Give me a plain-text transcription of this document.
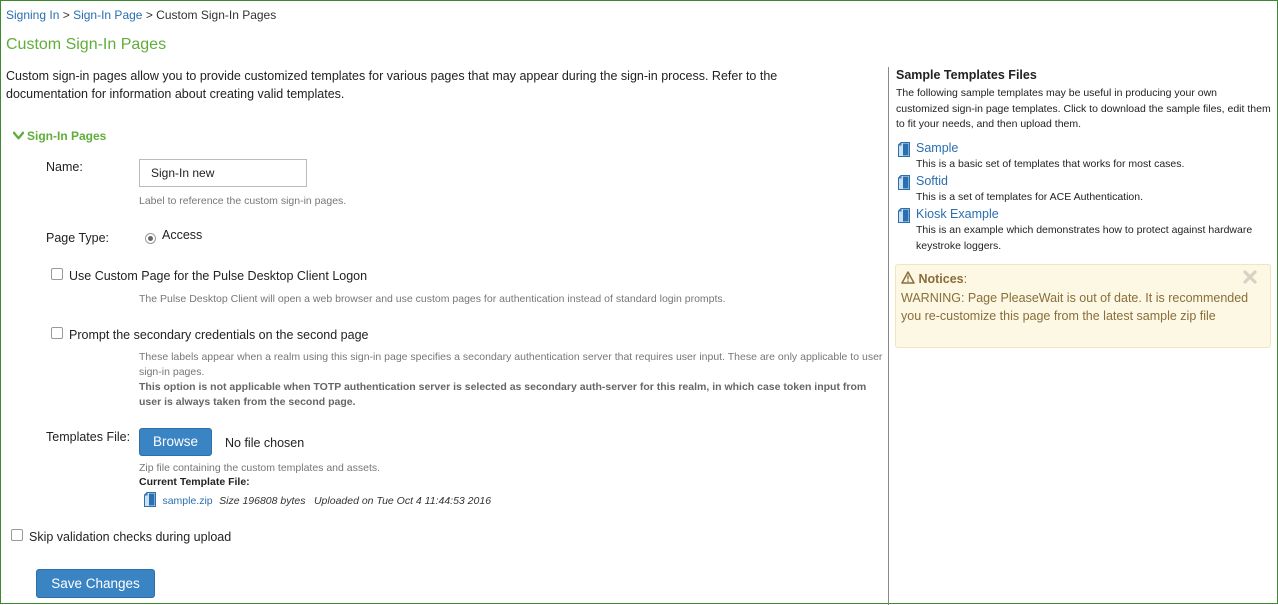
Signing In > Sign-In Page > Custom Sign-In Pages
Custom Sign-In Pages
Custom sign-in pages allow you to provide customized templates for various pages that may appear during the sign-in process. Refer to the documentation for information about creating valid templates.
Sign-In Pages
Name:	Sign-In new
Label to reference the custom sign-in pages.
Page Type:	Access
Use Custom Page for the Pulse Desktop Client Logon
The Pulse Desktop Client will open a web browser and use custom pages for authentication instead of standard login prompts.
Prompt the secondary credentials on the second page
These labels appear when a realm using this sign-in page specifies a secondary authentication server that requires user input. These are only applicable to user sign-in pages.
This option is not applicable when TOTP authentication server is selected as secondary auth-server for this realm, in which case token input from user is always taken from the second page.
Templates File:	Browse	No file chosen
Zip file containing the custom templates and assets.
Current Template File:
sample.zip Size 196808 bytes Uploaded on Tue Oct 4 11:44:53 2016
Skip validation checks during upload
Save Changes
Sample Templates Files
The following sample templates may be useful in producing your own customized sign-in page templates. Click to download the sample files, edit them to fit your needs, and then upload them.
Sample
This is a basic set of templates that works for most cases.
Softid
This is a set of templates for ACE Authentication.
Kiosk Example
This is an example which demonstrates how to protect against hardware keystroke loggers.
Notices:
WARNING: Page PleaseWait is out of date. It is recommended you re-customize this page from the latest sample zip file
